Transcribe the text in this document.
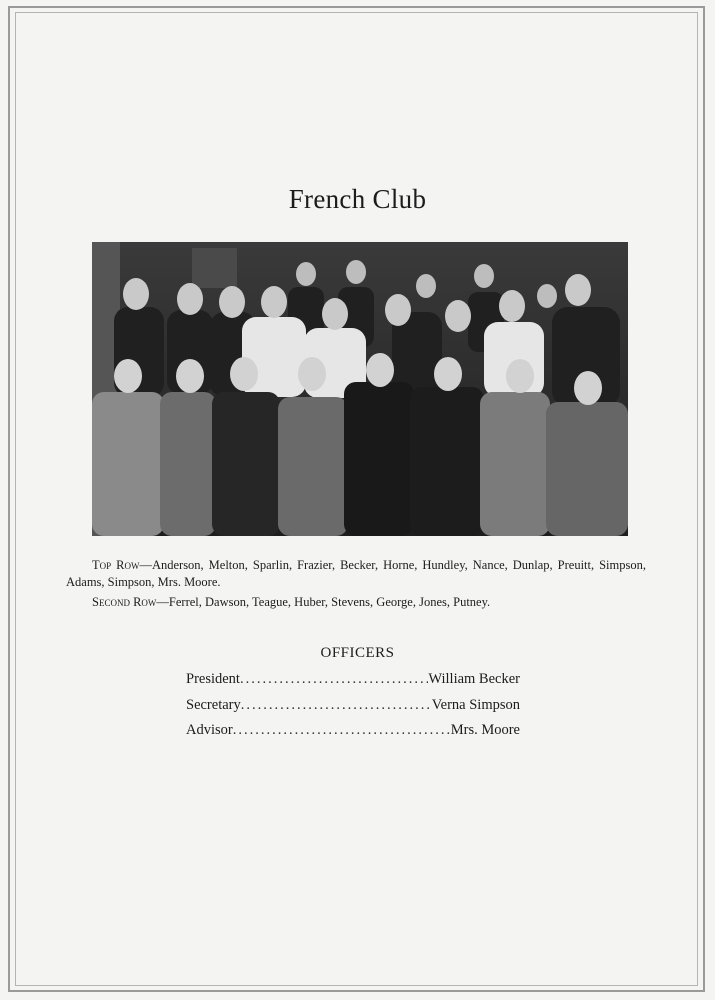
French Club

Top Row—Anderson, Melton, Sparlin, Frazier, Becker, Horne, Hundley, Nance, Dunlap, Preuitt, Simpson, Adams, Simpson, Mrs. Moore.

Second Row—Ferrel, Dawson, Teague, Huber, Stevens, George, Jones, Putney.

OFFICERS
President .....	William Becker
Secretary .....	Verna Simpson
Advisor .....	Mrs. Moore
